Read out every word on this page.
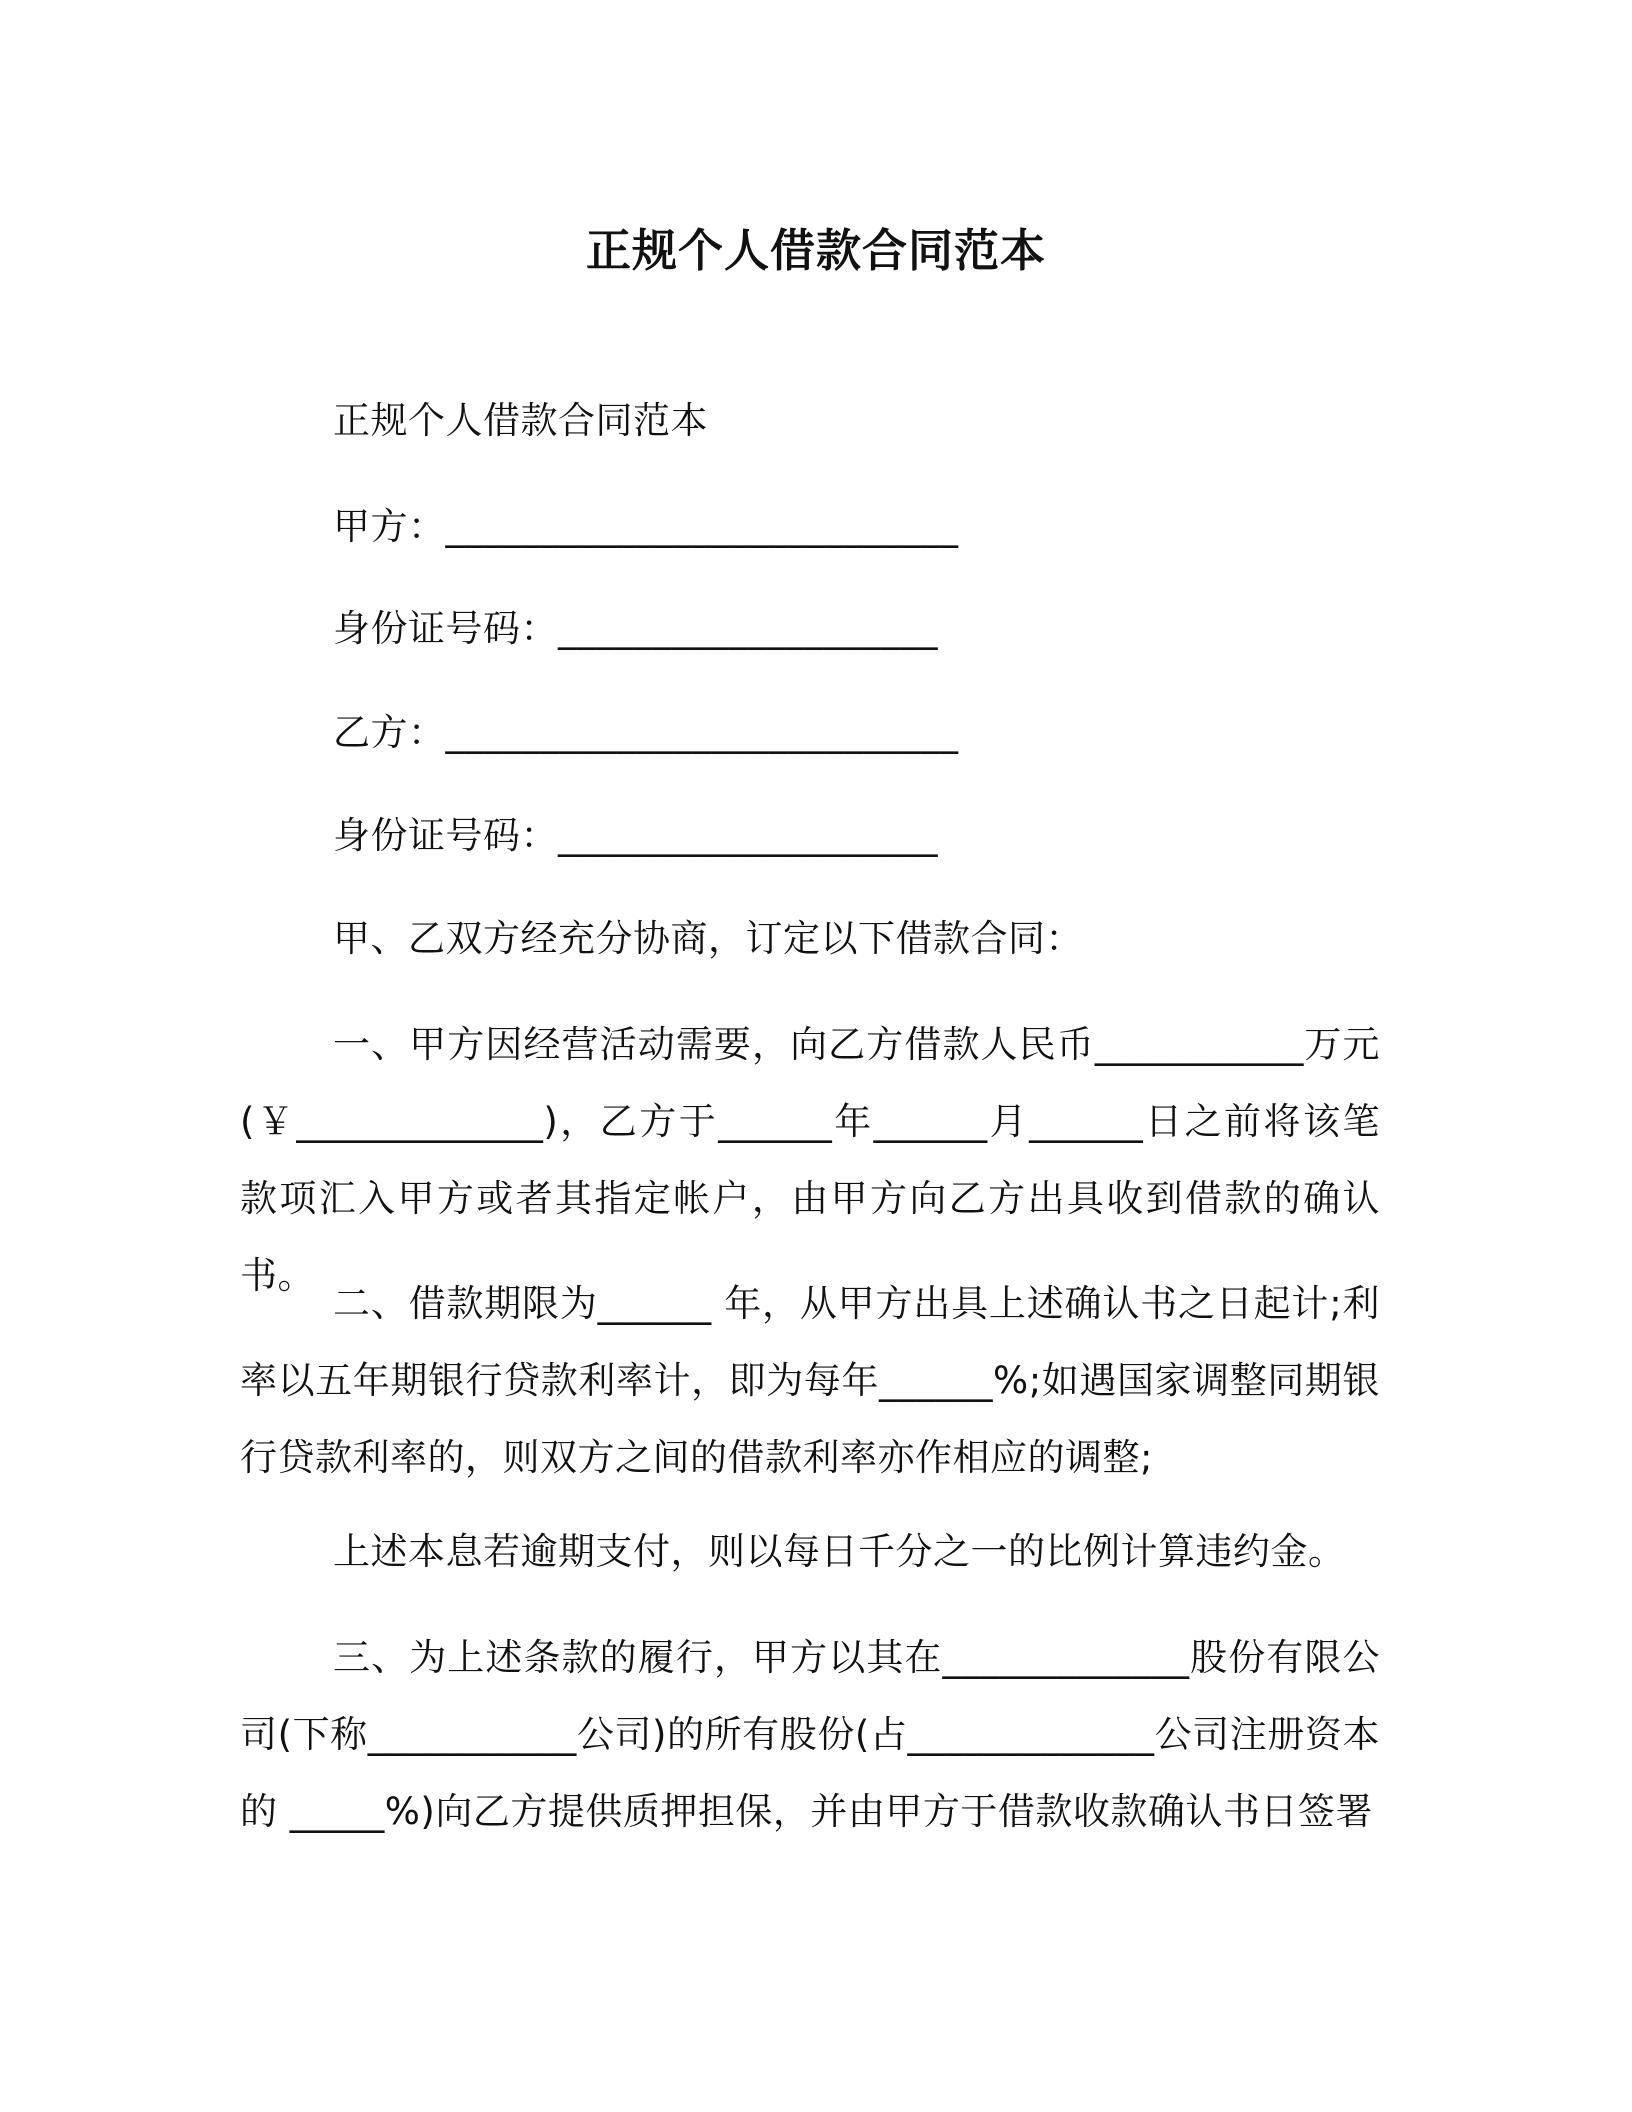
正规个人借款合同范本
正规个人借款合同范本
甲方：___________________________
身份证号码：____________________
乙方：___________________________
身份证号码：____________________
甲、乙双方经充分协商，订定以下借款合同：
一、甲方因经营活动需要，向乙方借款人民币___________万元(￥_____________)，乙方于______年______月______日之前将该笔款项汇入甲方或者其指定帐户，由甲方向乙方出具收到借款的确认书。
二、借款期限为______ 年，从甲方出具上述确认书之日起计;利率以五年期银行贷款利率计，即为每年______%;如遇国家调整同期银行贷款利率的，则双方之间的借款利率亦作相应的调整;
上述本息若逾期支付，则以每日千分之一的比例计算违约金。
三、为上述条款的履行，甲方以其在_____________股份有限公司(下称___________公司)的所有股份(占_____________公司注册资本的 _____%)向乙方提供质押担保，并由甲方于借款收款确认书日签署
